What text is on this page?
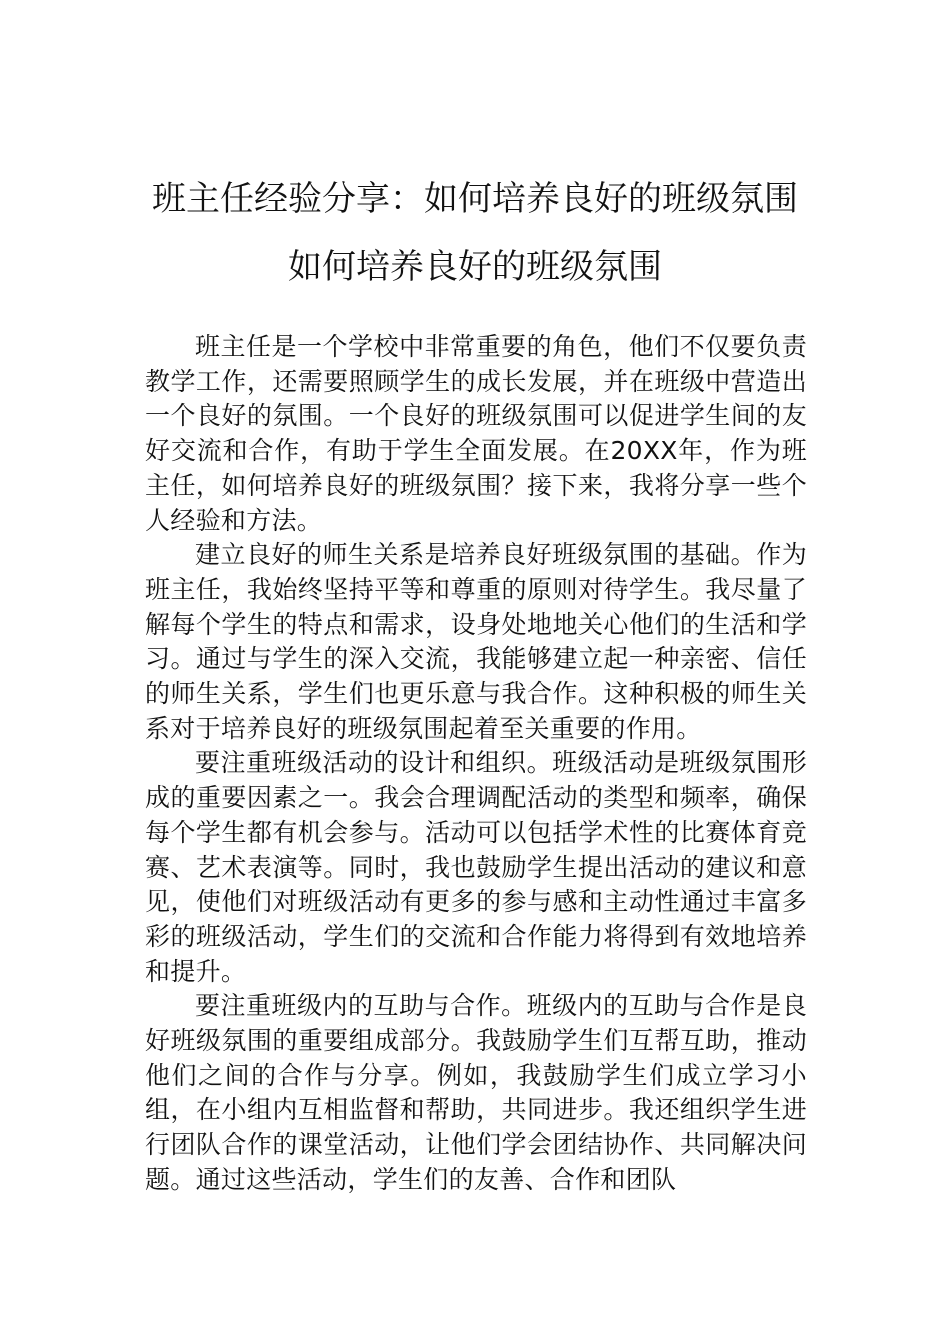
班主任经验分享：如何培养良好的班级氛围如何培养良好的班级氛围

班主任是一个学校中非常重要的角色，他们不仅要负责教学工作，还需要照顾学生的成长发展，并在班级中营造出一个良好的氛围。一个良好的班级氛围可以促进学生间的友好交流和合作，有助于学生全面发展。在20XX年，作为班主任，如何培养良好的班级氛围？接下来，我将分享一些个人经验和方法。

建立良好的师生关系是培养良好班级氛围的基础。作为班主任，我始终坚持平等和尊重的原则对待学生。我尽量了解每个学生的特点和需求，设身处地地关心他们的生活和学习。通过与学生的深入交流，我能够建立起一种亲密、信任的师生关系，学生们也更乐意与我合作。这种积极的师生关系对于培养良好的班级氛围起着至关重要的作用。

要注重班级活动的设计和组织。班级活动是班级氛围形成的重要因素之一。我会合理调配活动的类型和频率，确保每个学生都有机会参与。活动可以包括学术性的比赛体育竞赛、艺术表演等。同时，我也鼓励学生提出活动的建议和意见，使他们对班级活动有更多的参与感和主动性通过丰富多彩的班级活动，学生们的交流和合作能力将得到有效地培养和提升。

要注重班级内的互助与合作。班级内的互助与合作是良好班级氛围的重要组成部分。我鼓励学生们互帮互助，推动他们之间的合作与分享。例如，我鼓励学生们成立学习小组，在小组内互相监督和帮助，共同进步。我还组织学生进行团队合作的课堂活动，让他们学会团结协作、共同解决问题。通过这些活动，学生们的友善、合作和团队
